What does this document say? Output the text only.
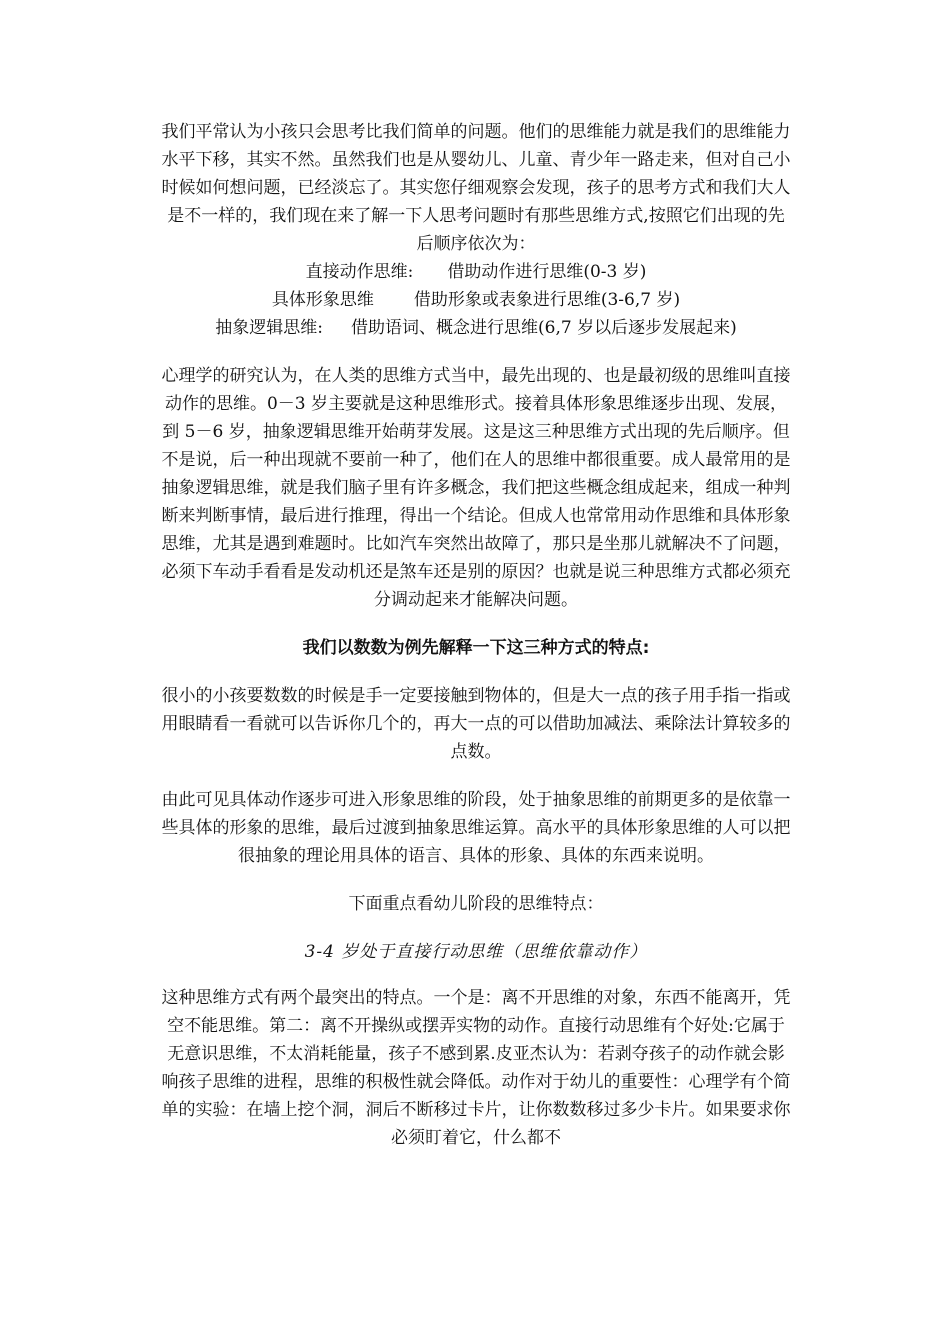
我们平常认为小孩只会思考比我们简单的问题。他们的思维能力就是我们的思维能力水平下移，其实不然。虽然我们也是从婴幼儿、儿童、青少年一路走来，但对自己小时候如何想问题，已经淡忘了。其实您仔细观察会发现，孩子的思考方式和我们大人是不一样的，我们现在来了解一下人思考问题时有那些思维方式,按照它们出现的先后顺序依次为：

直接动作思维: 借助动作进行思维(0-3 岁)

具体形象思维 借助形象或表象进行思维(3-6,7 岁)

抽象逻辑思维: 借助语词、概念进行思维(6,7 岁以后逐步发展起来)

心理学的研究认为，在人类的思维方式当中，最先出现的、也是最初级的思维叫直接动作的思维。0－3 岁主要就是这种思维形式。接着具体形象思维逐步出现、发展，到 5－6 岁，抽象逻辑思维开始萌芽发展。这是这三种思维方式出现的先后顺序。但不是说，后一种出现就不要前一种了，他们在人的思维中都很重要。成人最常用的是抽象逻辑思维，就是我们脑子里有许多概念，我们把这些概念组成起来，组成一种判断来判断事情，最后进行推理，得出一个结论。但成人也常常用动作思维和具体形象思维，尤其是遇到难题时。比如汽车突然出故障了，那只是坐那儿就解决不了问题，必须下车动手看看是发动机还是煞车还是别的原因？也就是说三种思维方式都必须充分调动起来才能解决问题。

我们以数数为例先解释一下这三种方式的特点:

很小的小孩要数数的时候是手一定要接触到物体的，但是大一点的孩子用手指一指或用眼睛看一看就可以告诉你几个的，再大一点的可以借助加减法、乘除法计算较多的点数。

由此可见具体动作逐步可进入形象思维的阶段，处于抽象思维的前期更多的是依靠一些具体的形象的思维，最后过渡到抽象思维运算。高水平的具体形象思维的人可以把很抽象的理论用具体的语言、具体的形象、具体的东西来说明。

下面重点看幼儿阶段的思维特点：

3-4 岁处于直接行动思维（思维依靠动作）

这种思维方式有两个最突出的特点。一个是：离不开思维的对象，东西不能离开，凭空不能思维。第二：离不开操纵或摆弄实物的动作。直接行动思维有个好处:它属于无意识思维，不太消耗能量，孩子不感到累.皮亚杰认为：若剥夺孩子的动作就会影响孩子思维的进程，思维的积极性就会降低。动作对于幼儿的重要性：心理学有个简单的实验：在墙上挖个洞，洞后不断移过卡片，让你数数移过多少卡片。如果要求你必须盯着它，什么都不
